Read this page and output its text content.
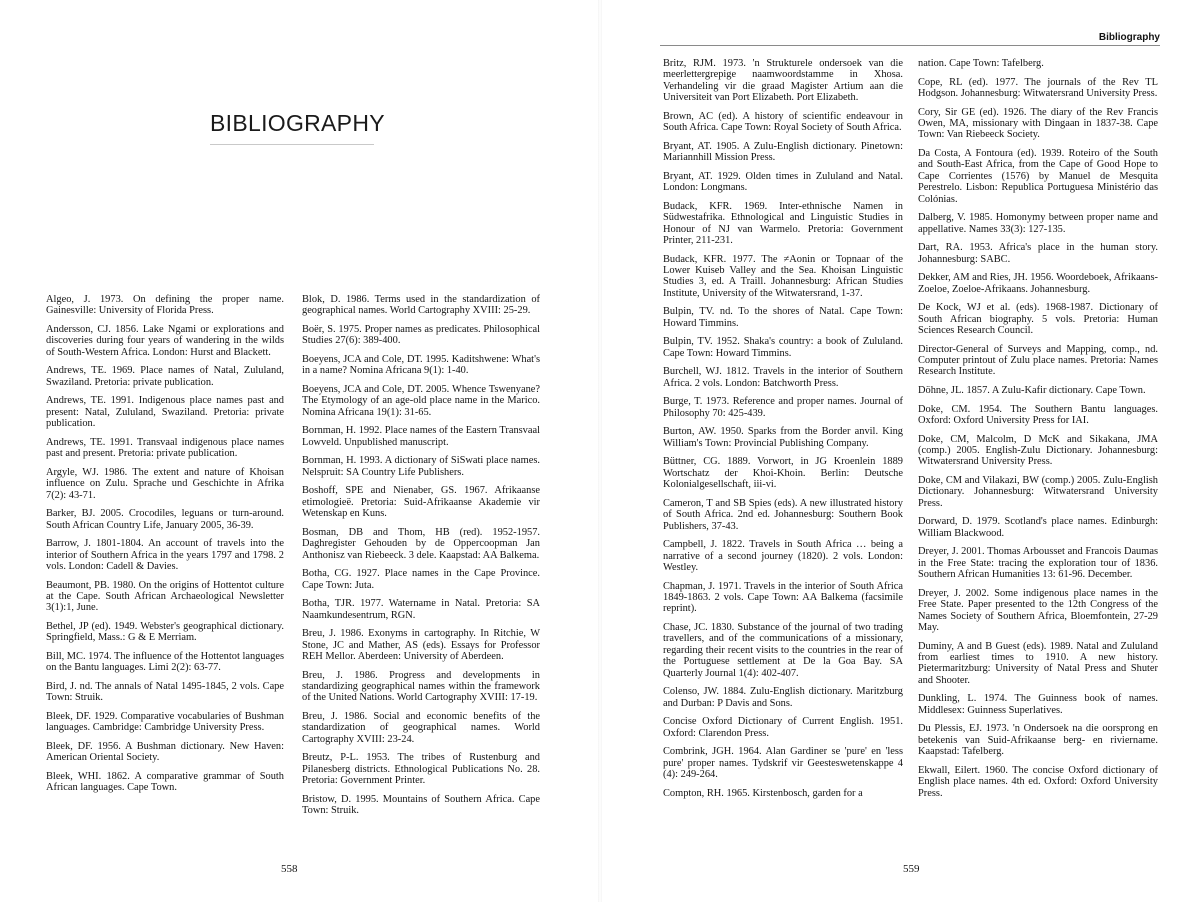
BIBLIOGRAPHY

Algeo, J. 1973. On defining the proper name. Gainesville: University of Florida Press.

Andersson, CJ. 1856. Lake Ngami or explorations and discoveries during four years of wandering in the wilds of South-Western Africa. London: Hurst and Blackett.

Andrews, TE. 1969. Place names of Natal, Zululand, Swaziland. Pretoria: private publication.

Andrews, TE. 1991. Indigenous place names past and present: Natal, Zululand, Swaziland. Pretoria: private publication.

Andrews, TE. 1991. Transvaal indigenous place names past and present. Pretoria: private publication.

Argyle, WJ. 1986. The extent and nature of Khoisan influence on Zulu. Sprache und Geschichte in Afrika 7(2): 43-71.

Barker, BJ. 2005. Crocodiles, leguans or turn-around. South African Country Life, January 2005, 36-39.

Barrow, J. 1801-1804. An account of travels into the interior of Southern Africa in the years 1797 and 1798. 2 vols. London: Cadell & Davies.

Beaumont, PB. 1980. On the origins of Hottentot culture at the Cape. South African Archaeological Newsletter 3(1):1, June.

Bethel, JP (ed). 1949. Webster's geographical dictionary. Springfield, Mass.: G & E Merriam.

Bill, MC. 1974. The influence of the Hottentot languages on the Bantu languages. Limi 2(2): 63-77.

Bird, J. nd. The annals of Natal 1495-1845, 2 vols. Cape Town: Struik.

Bleek, DF. 1929. Comparative vocabularies of Bushman languages. Cambridge: Cambridge University Press.

Bleek, DF. 1956. A Bushman dictionary. New Haven: American Oriental Society.

Bleek, WHI. 1862. A comparative grammar of South African languages. Cape Town.

Blok, D. 1986. Terms used in the standardization of geographical names. World Cartography XVIII: 25-29.

Boër, S. 1975. Proper names as predicates. Philosophical Studies 27(6): 389-400.

Boeyens, JCA and Cole, DT. 1995. Kaditshwene: What's in a name? Nomina Africana 9(1): 1-40.

Boeyens, JCA and Cole, DT. 2005. Whence Tswenyane? The Etymology of an age-old place name in the Marico. Nomina Africana 19(1): 31-65.

Bornman, H. 1992. Place names of the Eastern Transvaal Lowveld. Unpublished manuscript.

Bornman, H. 1993. A dictionary of SiSwati place names. Nelspruit: SA Country Life Publishers.

Boshoff, SPE and Nienaber, GS. 1967. Afrikaanse etimologieë. Pretoria: Suid-Afrikaanse Akademie vir Wetenskap en Kuns.

Bosman, DB and Thom, HB (red). 1952-1957. Daghregister Gehouden by de Oppercoopman Jan Anthonisz van Riebeeck. 3 dele. Kaapstad: AA Balkema.

Botha, CG. 1927. Place names in the Cape Province. Cape Town: Juta.

Botha, TJR. 1977. Watername in Natal. Pretoria: SA Naamkundesentrum, RGN.

Breu, J. 1986. Exonyms in cartography. In Ritchie, W Stone, JC and Mather, AS (eds). Essays for Professor REH Mellor. Aberdeen: University of Aberdeen.

Breu, J. 1986. Progress and developments in standardizing geographical names within the framework of the United Nations. World Cartography XVIII: 17-19.

Breu, J. 1986. Social and economic benefits of the standardization of geographical names. World Cartography XVIII: 23-24.

Breutz, P-L. 1953. The tribes of Rustenburg and Pilanesberg districts. Ethnological Publications No. 28. Pretoria: Government Printer.

Bristow, D. 1995. Mountains of Southern Africa. Cape Town: Struik.

558
Bibliography

Britz, RJM. 1973. 'n Strukturele ondersoek van die meerlettergrepige naamwoordstamme in Xhosa. Verhandeling vir die graad Magister Artium aan die Universiteit van Port Elizabeth. Port Elizabeth.

Brown, AC (ed). A history of scientific endeavour in South Africa. Cape Town: Royal Society of South Africa.

Bryant, AT. 1905. A Zulu-English dictionary. Pinetown: Mariannhill Mission Press.

Bryant, AT. 1929. Olden times in Zululand and Natal. London: Longmans.

Budack, KFR. 1969. Inter-ethnische Namen in Südwestafrika. Ethnological and Linguistic Studies in Honour of NJ van Warmelo. Pretoria: Government Printer, 211-231.

Budack, KFR. 1977. The ≠Aonin or Topnaar of the Lower Kuiseb Valley and the Sea. Khoisan Linguistic Studies 3, ed. A Traill. Johannesburg: African Studies Institute, University of the Witwatersrand, 1-37.

Bulpin, TV. nd. To the shores of Natal. Cape Town: Howard Timmins.

Bulpin, TV. 1952. Shaka's country: a book of Zululand. Cape Town: Howard Timmins.

Burchell, WJ. 1812. Travels in the interior of Southern Africa. 2 vols. London: Batchworth Press.

Burge, T. 1973. Reference and proper names. Journal of Philosophy 70: 425-439.

Burton, AW. 1950. Sparks from the Border anvil. King William's Town: Provincial Publishing Company.

Büttner, CG. 1889. Vorwort, in JG Kroenlein 1889 Wortschatz der Khoi-Khoin. Berlin: Deutsche Kolonialgesellschaft, iii-vi.

Cameron, T and SB Spies (eds). A new illustrated history of South Africa. 2nd ed. Johannesburg: Southern Book Publishers, 37-43.

Campbell, J. 1822. Travels in South Africa … being a narrative of a second journey (1820). 2 vols. London: Westley.

Chapman, J. 1971. Travels in the interior of South Africa 1849-1863. 2 vols. Cape Town: AA Balkema (facsimile reprint).

Chase, JC. 1830. Substance of the journal of two trading travellers, and of the communications of a missionary, regarding their recent visits to the countries in the rear of the Portuguese settlement at De la Goa Bay. SA Quarterly Journal 1(4): 402-407.

Colenso, JW. 1884. Zulu-English dictionary. Maritzburg and Durban: P Davis and Sons.

Concise Oxford Dictionary of Current English. 1951. Oxford: Clarendon Press.

Combrink, JGH. 1964. Alan Gardiner se 'pure' en 'less pure' proper names. Tydskrif vir Geesteswetenskappe 4 (4): 249-264.

Compton, RH. 1965. Kirstenbosch, garden for a

nation. Cape Town: Tafelberg.

Cope, RL (ed). 1977. The journals of the Rev TL Hodgson. Johannesburg: Witwatersrand University Press.

Cory, Sir GE (ed). 1926. The diary of the Rev Francis Owen, MA, missionary with Dingaan in 1837-38. Cape Town: Van Riebeeck Society.

Da Costa, A Fontoura (ed). 1939. Roteiro of the South and South-East Africa, from the Cape of Good Hope to Cape Corrientes (1576) by Manuel de Mesquita Perestrelo. Lisbon: Republica Portuguesa Ministério das Colónias.

Dalberg, V. 1985. Homonymy between proper name and appellative. Names 33(3): 127-135.

Dart, RA. 1953. Africa's place in the human story. Johannesburg: SABC.

Dekker, AM and Ries, JH. 1956. Woordeboek, Afrikaans-Zoeloe, Zoeloe-Afrikaans. Johannesburg.

De Kock, WJ et al. (eds). 1968-1987. Dictionary of South African biography. 5 vols. Pretoria: Human Sciences Research Council.

Director-General of Surveys and Mapping, comp., nd. Computer printout of Zulu place names. Pretoria: Names Research Institute.

Döhne, JL. 1857. A Zulu-Kafir dictionary. Cape Town.

Doke, CM. 1954. The Southern Bantu languages. Oxford: Oxford University Press for IAI.

Doke, CM, Malcolm, D McK and Sikakana, JMA (comp.) 2005. English-Zulu Dictionary. Johannesburg: Witwatersrand University Press.

Doke, CM and Vilakazi, BW (comp.) 2005. Zulu-English Dictionary. Johannesburg: Witwatersrand University Press.

Dorward, D. 1979. Scotland's place names. Edinburgh: William Blackwood.

Dreyer, J. 2001. Thomas Arbousset and Francois Daumas in the Free State: tracing the exploration tour of 1836. Southern African Humanities 13: 61-96. December.

Dreyer, J. 2002. Some indigenous place names in the Free State. Paper presented to the 12th Congress of the Names Society of Southern Africa, Bloemfontein, 27-29 May.

Duminy, A and B Guest (eds). 1989. Natal and Zululand from earliest times to 1910. A new history. Pietermaritzburg: University of Natal Press and Shuter and Shooter.

Dunkling, L. 1974. The Guinness book of names. Middlesex: Guinness Superlatives.

Du Plessis, EJ. 1973. 'n Ondersoek na die oorsprong en betekenis van Suid-Afrikaanse berg- en riviername. Kaapstad: Tafelberg.

Ekwall, Eilert. 1960. The concise Oxford dictionary of English place names. 4th ed. Oxford: Oxford University Press.

559
